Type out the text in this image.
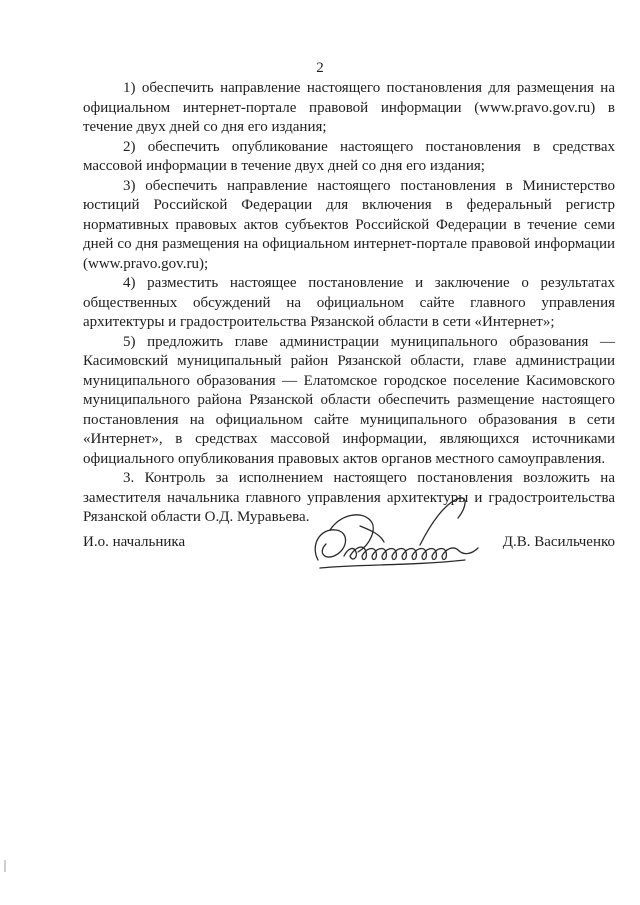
2

1) обеспечить направление настоящего постановления для размещения на официальном интернет-портале правовой информации (www.pravo.gov.ru) в течение двух дней со дня его издания;

2) обеспечить опубликование настоящего постановления в средствах массовой информации в течение двух дней со дня его издания;

3) обеспечить направление настоящего постановления в Министерство юстиций Российской Федерации для включения в федеральный регистр нормативных правовых актов субъектов Российской Федерации в течение семи дней со дня размещения на официальном интернет-портале правовой информации (www.pravo.gov.ru);

4) разместить настоящее постановление и заключение о результатах общественных обсуждений на официальном сайте главного управления архитектуры и градостроительства Рязанской области в сети «Интернет»;

5) предложить главе администрации муниципального образования — Касимовский муниципальный район Рязанской области, главе администрации муниципального образования — Елатомское городское поселение Касимовского муниципального района Рязанской области обеспечить размещение настоящего постановления на официальном сайте муниципального образования в сети «Интернет», в средствах массовой информации, являющихся источниками официального опубликования правовых актов органов местного самоуправления.

3. Контроль за исполнением настоящего постановления возложить на заместителя начальника главного управления архитектуры и градостроительства Рязанской области О.Д. Муравьева.

И.о. начальника	Д.В. Васильченко
